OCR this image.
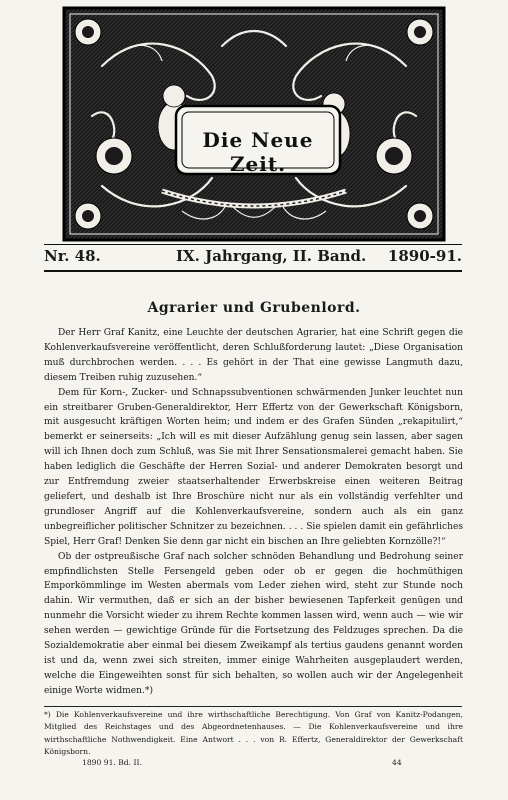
Die Neue Zeit.
Nr. 48.	IX. Jahrgang, II. Band. 1890-91.
Agrarier und Grubenlord.

Der Herr Graf Kanitz, eine Leuchte der deutschen Agrarier, hat eine Schrift gegen die Kohlenverkaufsvereine veröffentlicht, deren Schlußforderung lautet: „Diese Organisation muß durchbrochen werden. . . . Es gehört in der That eine gewisse Langmuth dazu, diesem Treiben ruhig zuzusehen.“

Dem für Korn-, Zucker- und Schnapssubventionen schwärmenden Junker leuchtet nun ein streitbarer Gruben-Generaldirektor, Herr Effertz von der Gewerkschaft Königsborn, mit ausgesucht kräftigen Worten heim; und indem er des Grafen Sünden „rekapitulirt,“ bemerkt er seinerseits: „Ich will es mit dieser Aufzählung genug sein lassen, aber sagen will ich Ihnen doch zum Schluß, was Sie mit Ihrer Sensationsmalerei gemacht haben. Sie haben lediglich die Geschäfte der Herren Sozial- und anderer Demokraten besorgt und zur Entfremdung zweier staatserhaltender Erwerbskreise einen weiteren Beitrag geliefert, und deshalb ist Ihre Broschüre nicht nur als ein vollständig verfehlter und grundloser Angriff auf die Kohlenverkaufsvereine, sondern auch als ein ganz unbegreiflicher politischer Schnitzer zu bezeichnen. . . . Sie spielen damit ein gefährliches Spiel, Herr Graf! Denken Sie denn gar nicht ein bischen an Ihre geliebten Kornzölle?!“

Ob der ostpreußische Graf nach solcher schnöden Behandlung und Bedrohung seiner empfindlichsten Stelle Fersengeld geben oder ob er gegen die hochmüthigen Emporkömmlinge im Westen abermals vom Leder ziehen wird, steht zur Stunde noch dahin. Wir vermuthen, daß er sich an der bisher bewiesenen Tapferkeit genügen und nunmehr die Vorsicht wieder zu ihrem Rechte kommen lassen wird, wenn auch — wie wir sehen werden — gewichtige Gründe für die Fortsetzung des Feldzuges sprechen. Da die Sozialdemokratie aber einmal bei diesem Zweikampf als tertius gaudens genannt worden ist und da, wenn zwei sich streiten, immer einige Wahrheiten ausgeplaudert werden, welche die Eingeweihten sonst für sich behalten, so wollen auch wir der Angelegenheit einige Worte widmen.*)

*) Die Kohlenverkaufsvereine und ihre wirthschaftliche Berechtigung. Von Graf von Kanitz-Podangen, Mitglied des Reichstages und des Abgeordnetenhauses. — Die Kohlenverkaufsvereine und ihre wirthschaftliche Nothwendigkeit. Eine Antwort . . . von R. Effertz, Generaldirektor der Gewerkschaft Königsborn.
1890 91. Bd. II.	44
